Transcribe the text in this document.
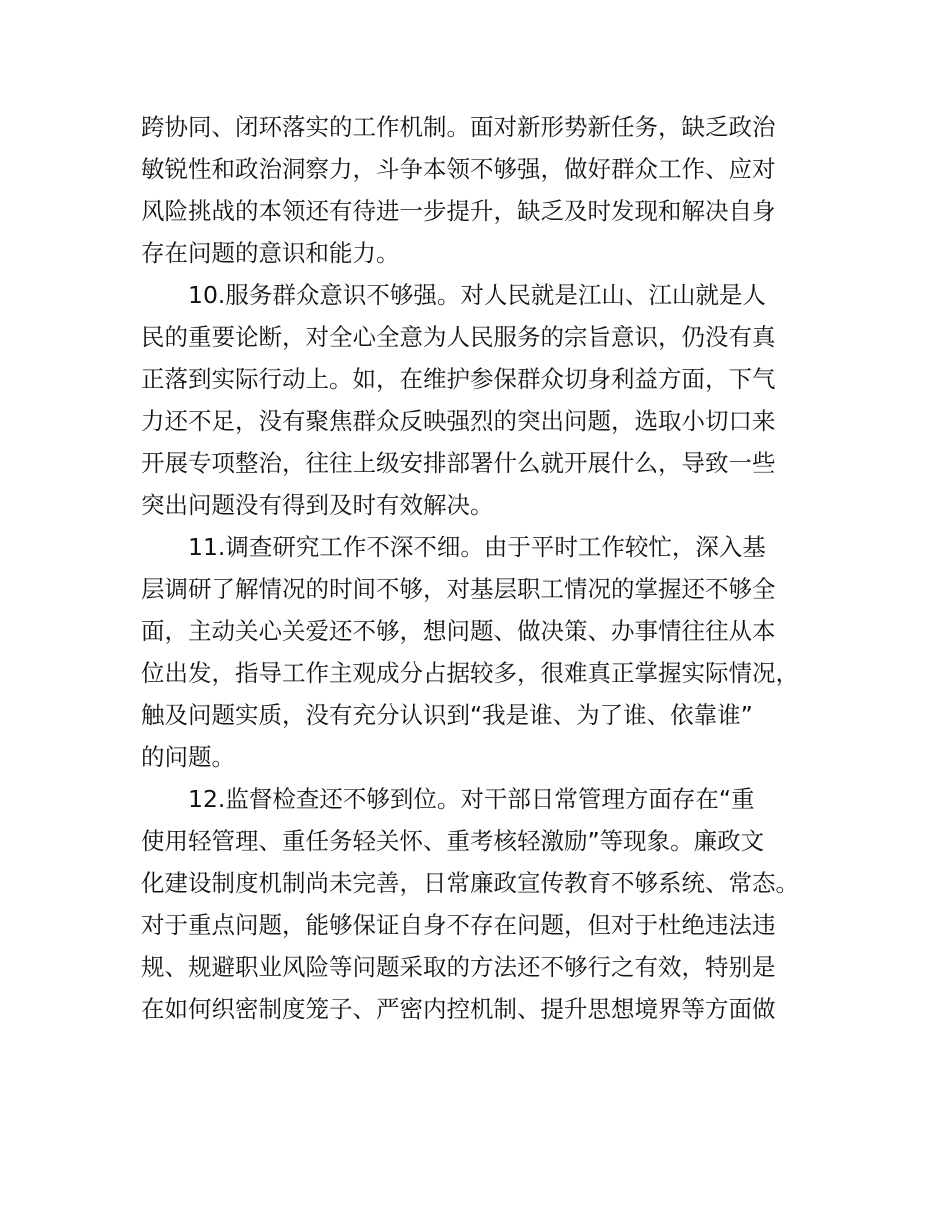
跨协同、闭环落实的工作机制。面对新形势新任务，缺乏政治
敏锐性和政治洞察力，斗争本领不够强，做好群众工作、应对
风险挑战的本领还有待进一步提升，缺乏及时发现和解决自身
存在问题的意识和能力。
10.服务群众意识不够强。对人民就是江山、江山就是人
民的重要论断，对全心全意为人民服务的宗旨意识，仍没有真
正落到实际行动上。如，在维护参保群众切身利益方面，下气
力还不足，没有聚焦群众反映强烈的突出问题，选取小切口来
开展专项整治，往往上级安排部署什么就开展什么，导致一些
突出问题没有得到及时有效解决。
11.调查研究工作不深不细。由于平时工作较忙，深入基
层调研了解情况的时间不够，对基层职工情况的掌握还不够全
面，主动关心关爱还不够，想问题、做决策、办事情往往从本
位出发，指导工作主观成分占据较多，很难真正掌握实际情况，
触及问题实质，没有充分认识到“我是谁、为了谁、依靠谁”
的问题。
12.监督检查还不够到位。对干部日常管理方面存在“重
使用轻管理、重任务轻关怀、重考核轻激励”等现象。廉政文
化建设制度机制尚未完善，日常廉政宣传教育不够系统、常态。
对于重点问题，能够保证自身不存在问题，但对于杜绝违法违
规、规避职业风险等问题采取的方法还不够行之有效，特别是
在如何织密制度笼子、严密内控机制、提升思想境界等方面做
